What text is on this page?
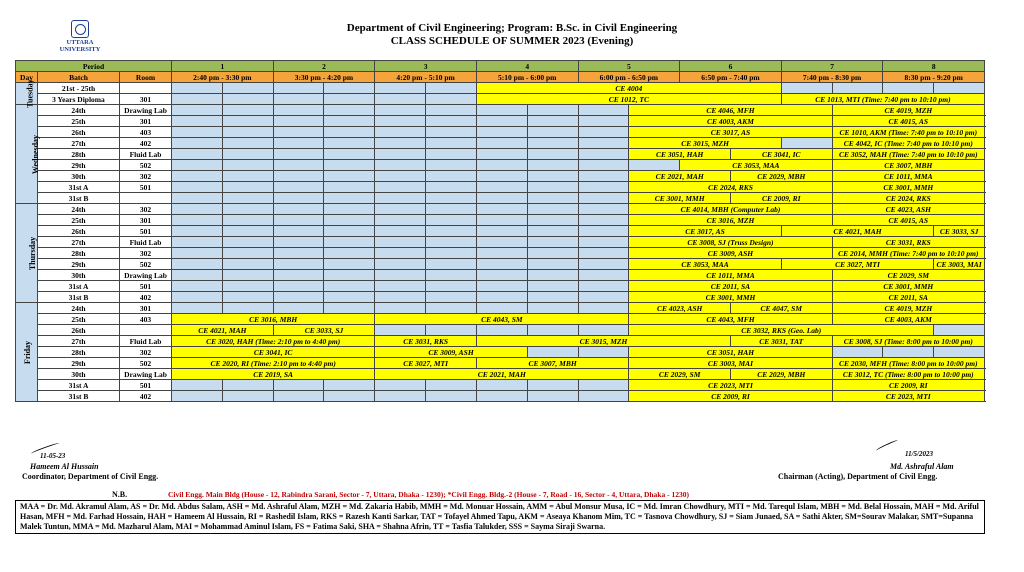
Department of Civil Engineering; Program: B.Sc. in Civil Engineering
CLASS SCHEDULE OF SUMMER 2023 (Evening)
UTTARA
UNIVERSITY
Period			1		2		3		4		5		6		7		8		
Day	Batch	Room	2:40 pm - 3:30 pm		3:30 pm - 4:20 pm		4:20 pm - 5:10 pm		5:10 pm - 6:00 pm		6:00 pm - 6:50 pm		6:50 pm - 7:40 pm		7:40 pm - 8:30 pm		8:30 pm - 9:20 pm		
Tuesday	21st - 25th								CE 4004										
	3 Years Diploma	301							CE 1012, TC						CE 1013, MTI (Time: 7:40 pm to 10:10 pm)				
Wednesday	24th	Drawing Lab										CE 4046, MFH				CE 4019, MZH	
	25th	301										CE 4003, AKM				CE 4015, AS	
	26th	403										CE 3017, AS				CE 1010, AKM (Time: 7:40 pm to 10:10 pm)			
	27th	402										CE 3015, MZH				CE 4042, IC (Time: 7:40 pm to 10:10 pm)			
	28th	Fluid Lab										CE 3051, HAH		CE 3041, IC		CE 3052, MAH (Time: 7:40 pm to 10:10 pm)			
	29th	502											CE 3053, MAA			CE 3007, MBH			
	30th	302										CE 2021, MAH		CE 2029, MBH		CE 1011, MMA	
	31st A	501										CE 2024, RKS				CE 3001, MMH	
	31st B											CE 3001, MMH		CE 2009, RI		CE 2024, RKS			
Thursday	24th	302										CE 4014, MBH (Computer Lab)				CE 4023, ASH	
	25th	301										CE 3016, MZH				CE 4015, AS			
	26th	501										CE 3017, AS			CE 4021, MAH			CE 3033, SJ	
	27th	Fluid Lab										CE 3008, SJ (Truss Design)				CE 3031, RKS	
	28th	302										CE 3009, ASH				CE 2014, MMH (Time: 7:40 pm to 10:10 pm)			
	29th	502										CE 3053, MAA			CE 3027, MTI			CE 3003, MAI	
	30th	Drawing Lab										CE 1011, MMA				CE 2029, SM			
	31st A	501										CE 2011, SA				CE 3001, MMH			
	31st B	402										CE 3001, MMH				CE 2011, SA			
Friday	24th	301										CE 4023, ASH		CE 4047, SM		CE 4019, MZH	
	25th	403	CE 3016, MBH				CE 4043, SM					CE 4043, MFH				CE 4003, AKM	
	26th		CE 4021, MAH		CE 3033, SJ							CE 3032, RKS (Geo. Lab)							
	27th	Fluid Lab	CE 3020, HAH (Time: 2:10 pm to 4:40 pm)				CE 3031, RKS		CE 3015, MZH					CE 3031, TAT		CE 3008, SJ (Time: 8:00 pm to 10:00 pm)			
	28th	302	CE 3041, IC				CE 3009, ASH					CE 3051, HAH							
	29th	502	CE 2020, RI (Time: 2:10 pm to 4:40 pm)				CE 3027, MTI		CE 3007, MBH			CE 3003, MAI				CE 2030, MFH (Time: 8:00 pm to 10:00 pm)			
	30th	Drawing Lab	CE 2019, SA				CE 2021, MAH					CE 2029, SM		CE 2029, MBH		CE 3012, TC (Time: 8:00 pm to 10:00 pm)			
	31st A	501										CE 2023, MTI				CE 2009, RI			
	31st B	402										CE 2009, RI				CE 2023, MTI			
11-05-23
Hameem Al Hussain
Coordinator, Department of Civil Engg.
11/5/2023
Md. Ashraful Alam
Chairman (Acting), Department of Civil Engg.
N.B.	Civil Engg. Main Bldg (House - 12, Rabindra Sarani, Sector - 7, Uttara, Dhaka - 1230); *Civil Engg. Bldg.-2 (House - 7, Road - 16, Sector - 4, Uttara, Dhaka - 1230)
MAA = Dr. Md. Akramul Alam, AS = Dr. Md. Abdus Salam, ASH = Md. Ashraful Alam, MZH = Md. Zakaria Habib, MMH = Md. Monuar Hossain, AMM = Abul Monsur Musa, IC = Md. Imran Chowdhury, MTI = Md. Tarequl Islam, MBH = Md. Belal Hossain, MAH = Md. Ariful Hasan, MFH = Md. Farhad Hossain, HAH = Hameem Al Hussain, RI = Rashedil Islam, RKS = Razesh Kanti Sarkar, TAT = Tofayel Ahmed Tapu, AKM = Aseaya Khanom Mim, TC = Tasnova Chowdhury, SJ = Siam Junaed, SA = Sathi Akter, SM=Sourav Malakar, SMT=Supanna Malek Tuntun, MMA = Md. Mazharul Alam, MAI = Mohammad Aminul Islam, FS = Fatima Saki, SHA = Shahna Afrin, TT = Tasfia Talukder, SSS = Sayma Siraji Swarna.
